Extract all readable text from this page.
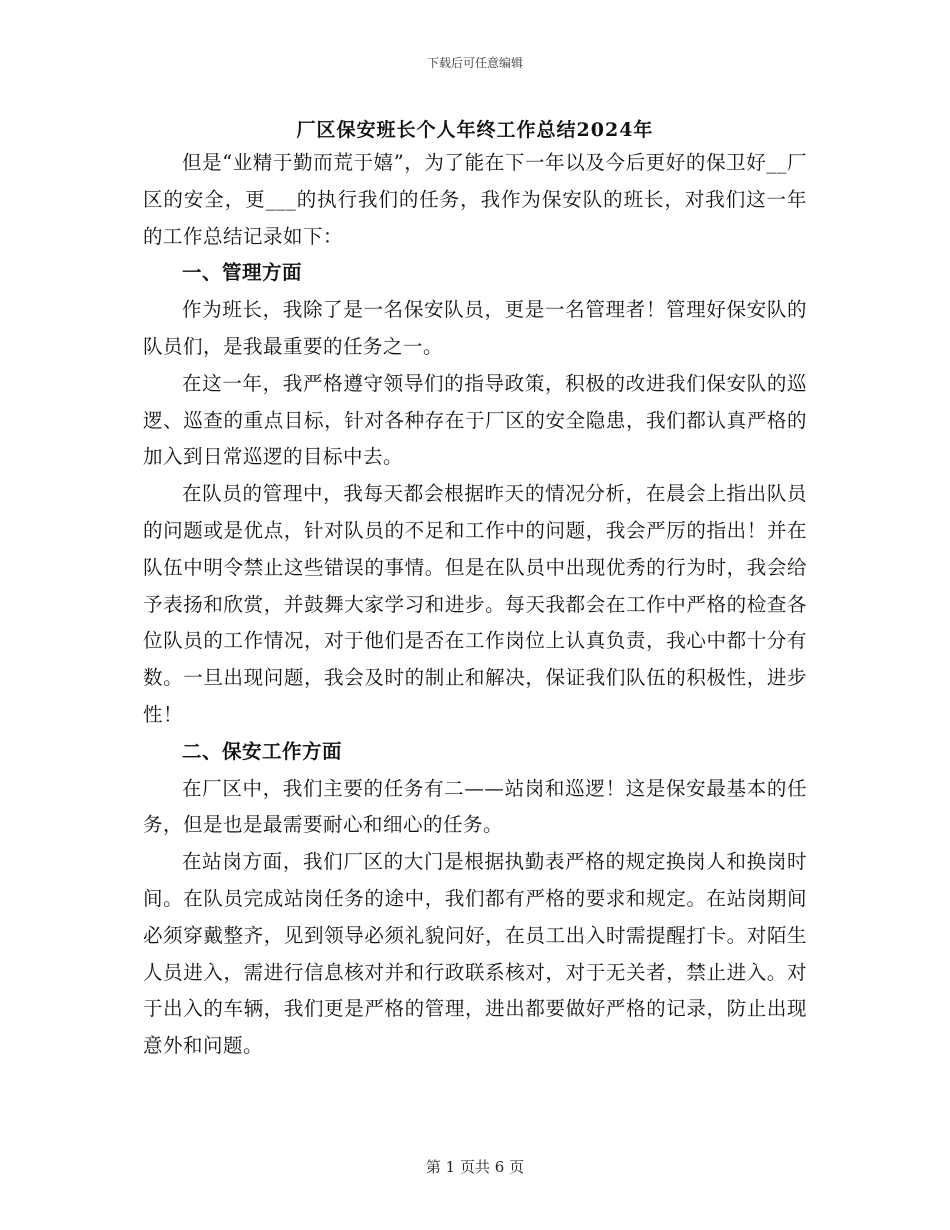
下载后可任意编辑
厂区保安班长个人年终工作总结2024年

但是“业精于勤而荒于嬉”，为了能在下一年以及今后更好的保卫好__厂区的安全，更___的执行我们的任务，我作为保安队的班长，对我们这一年的工作总结记录如下：

一、管理方面

作为班长，我除了是一名保安队员，更是一名管理者！管理好保安队的队员们，是我最重要的任务之一。

在这一年，我严格遵守领导们的指导政策，积极的改进我们保安队的巡逻、巡查的重点目标，针对各种存在于厂区的安全隐患，我们都认真严格的加入到日常巡逻的目标中去。

在队员的管理中，我每天都会根据昨天的情况分析，在晨会上指出队员的问题或是优点，针对队员的不足和工作中的问题，我会严厉的指出！并在队伍中明令禁止这些错误的事情。但是在队员中出现优秀的行为时，我会给予表扬和欣赏，并鼓舞大家学习和进步。每天我都会在工作中严格的检查各位队员的工作情况，对于他们是否在工作岗位上认真负责，我心中都十分有数。一旦出现问题，我会及时的制止和解决，保证我们队伍的积极性，进步性！

二、保安工作方面

在厂区中，我们主要的任务有二——站岗和巡逻！这是保安最基本的任务，但是也是最需要耐心和细心的任务。

在站岗方面，我们厂区的大门是根据执勤表严格的规定换岗人和换岗时间。在队员完成站岗任务的途中，我们都有严格的要求和规定。在站岗期间必须穿戴整齐，见到领导必须礼貌问好，在员工出入时需提醒打卡。对陌生人员进入，需进行信息核对并和行政联系核对，对于无关者，禁止进入。对于出入的车辆，我们更是严格的管理，进出都要做好严格的记录，防止出现意外和问题。

第 1 页共 6 页
